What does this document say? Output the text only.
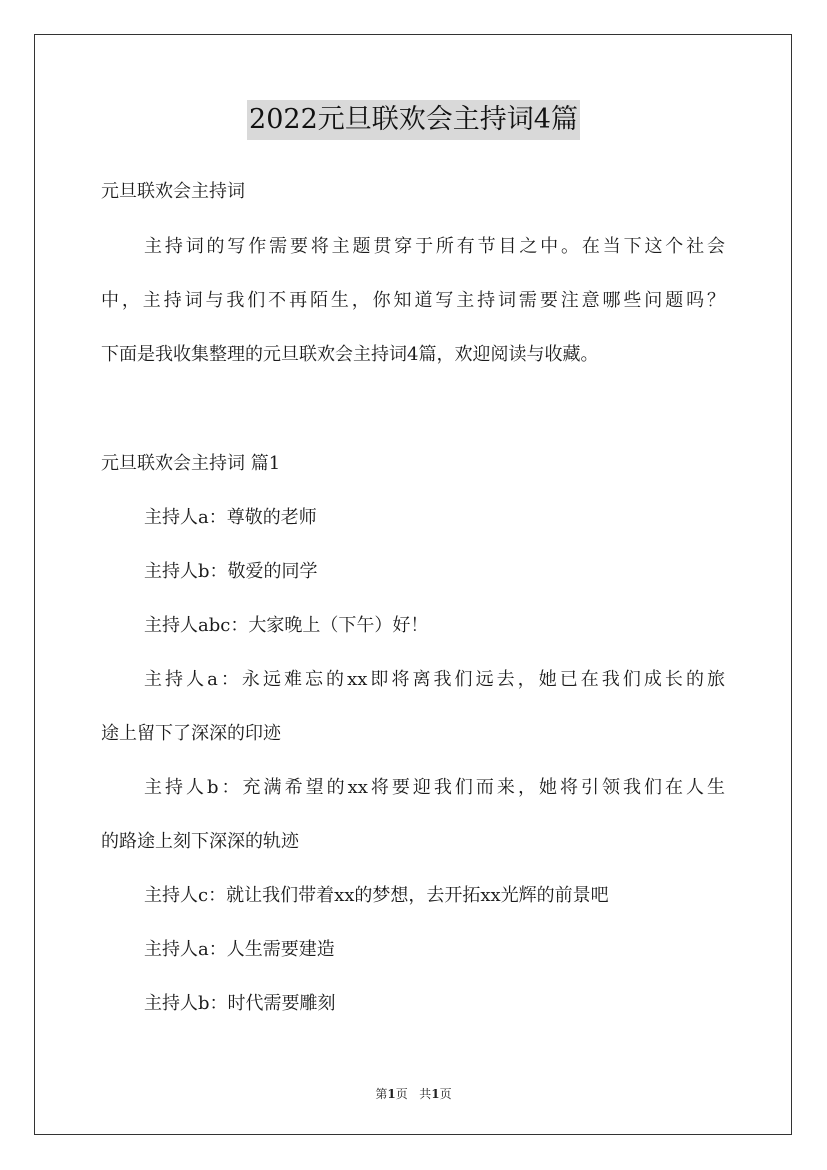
2022元旦联欢会主持词4篇
元旦联欢会主持词
主持词的写作需要将主题贯穿于所有节目之中。在当下这个社会
中，主持词与我们不再陌生，你知道写主持词需要注意哪些问题吗？
下面是我收集整理的元旦联欢会主持词4篇，欢迎阅读与收藏。
元旦联欢会主持词 篇1
主持人a：尊敬的老师
主持人b：敬爱的同学
主持人abc：大家晚上（下午）好！
主持人a：永远难忘的xx即将离我们远去，她已在我们成长的旅
途上留下了深深的印迹
主持人b：充满希望的xx将要迎我们而来，她将引领我们在人生
的路途上刻下深深的轨迹
主持人c：就让我们带着xx的梦想，去开拓xx光辉的前景吧
主持人a：人生需要建造
主持人b：时代需要雕刻
第1页 共1页
